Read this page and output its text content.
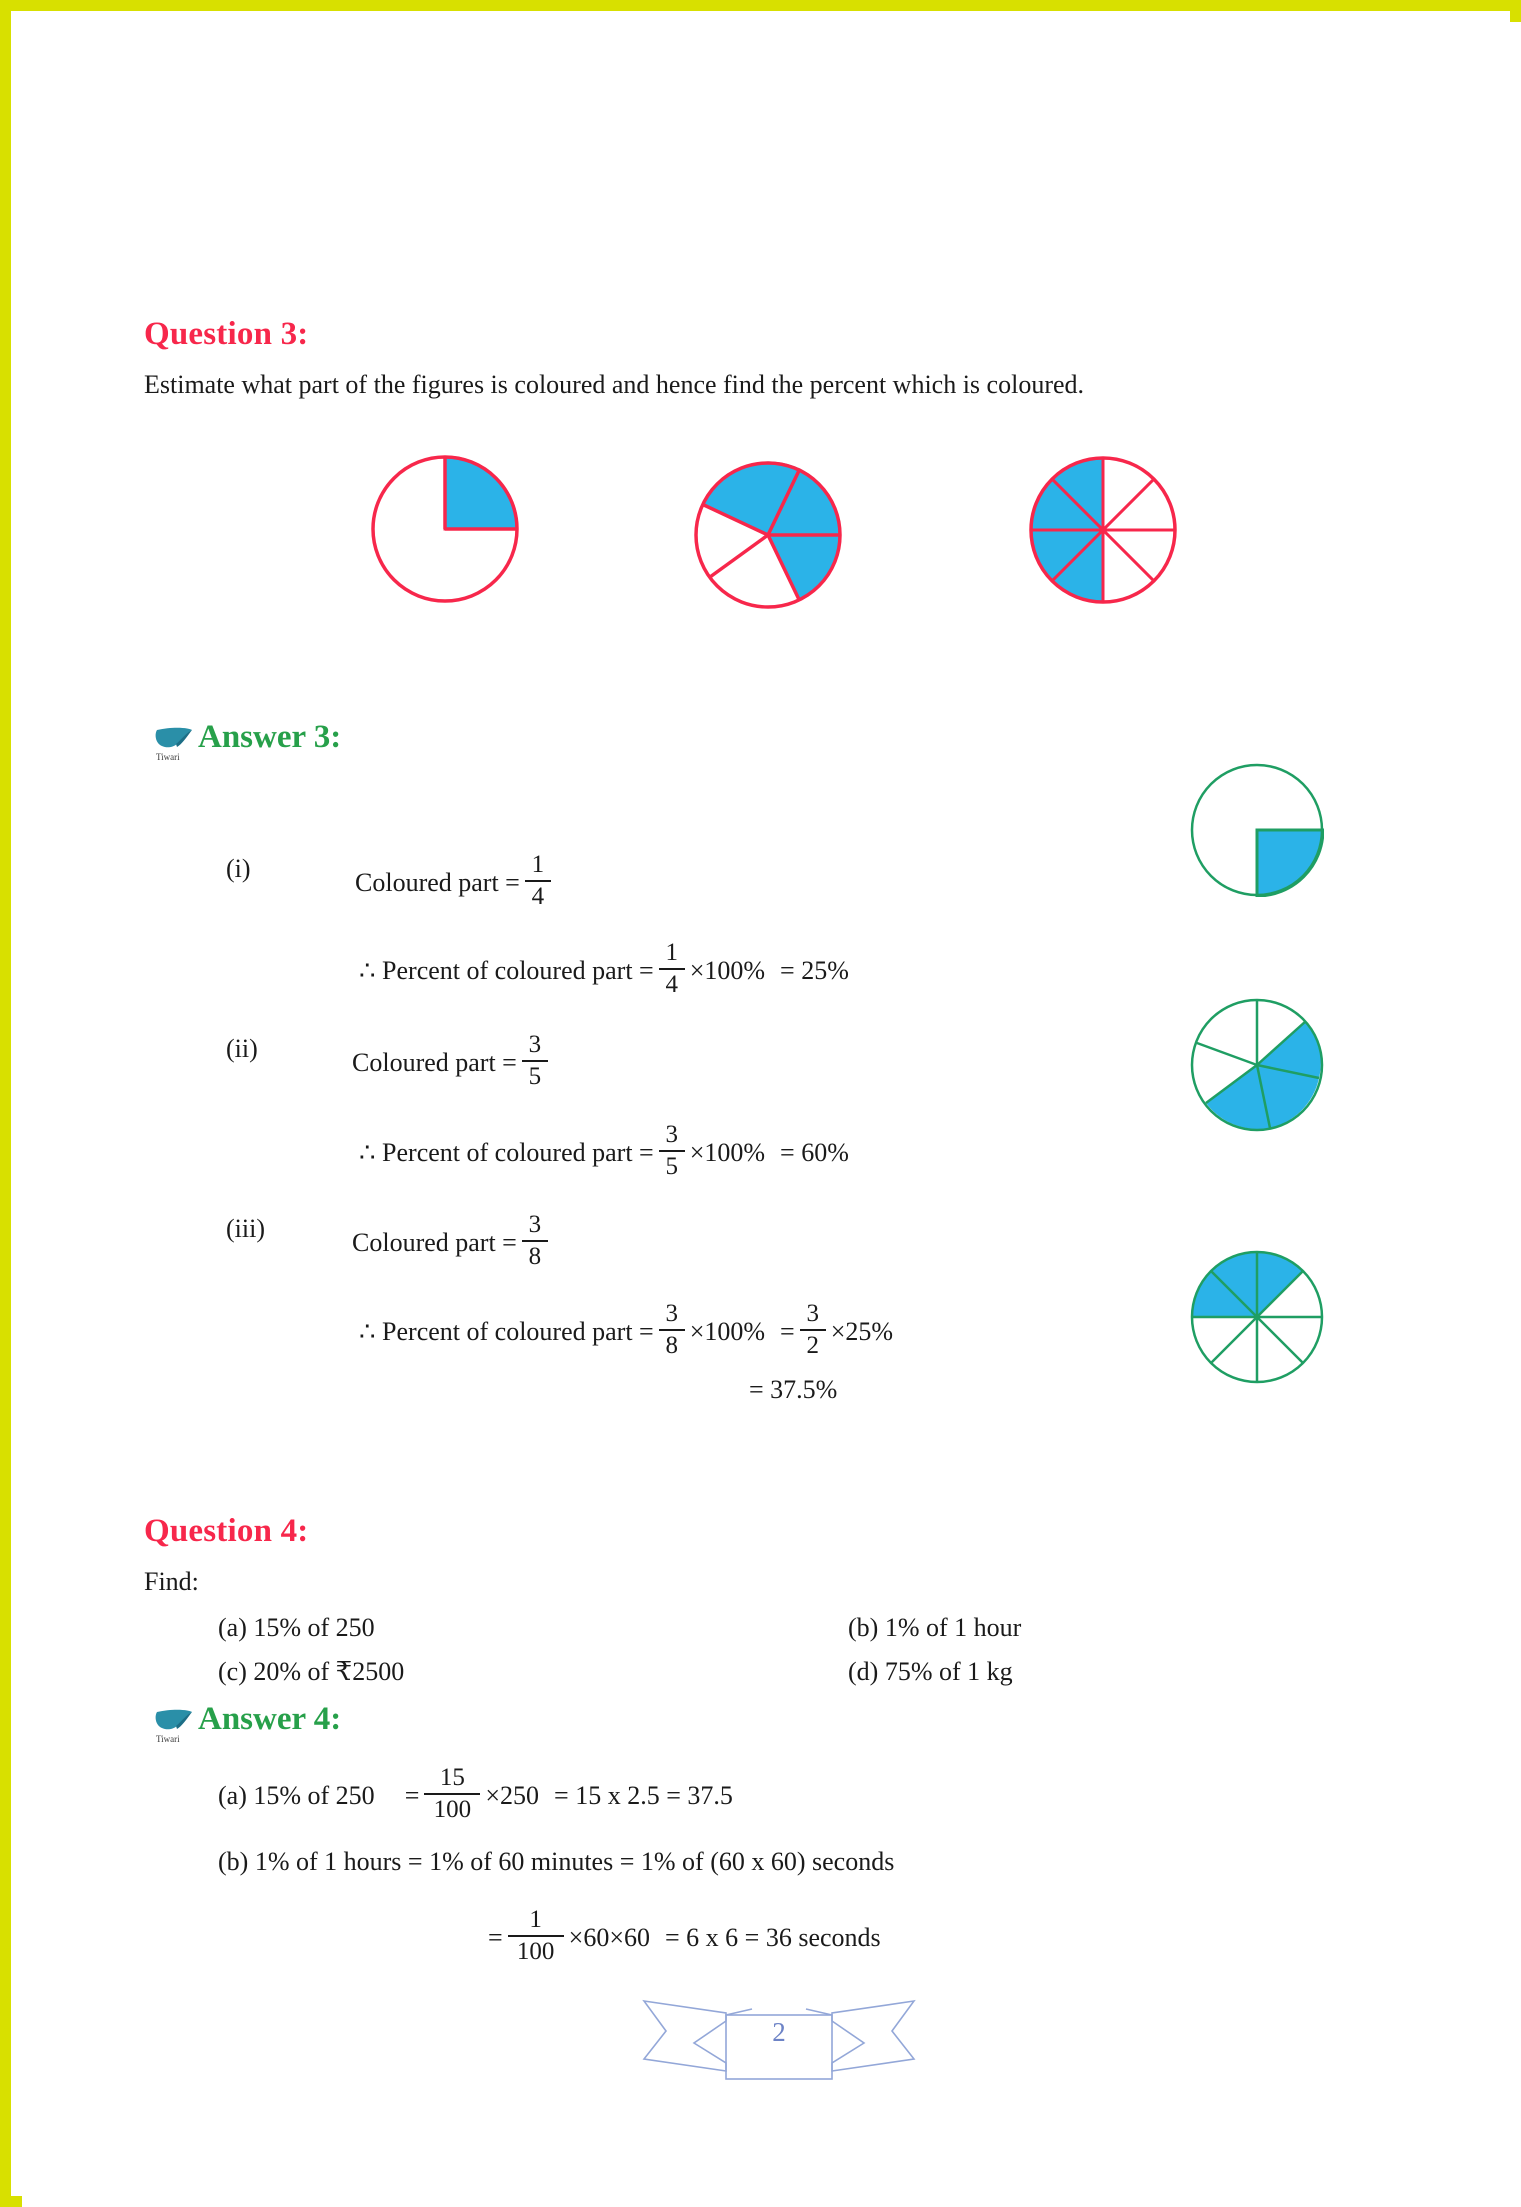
Question 3:
Estimate what part of the figures is coloured and hence find the percent which is coloured.
Tiwari
Answer 3:
(i)	Coloured part = $\frac{1}{4}$
∴ Percent of coloured part = $\frac{1}{4} \times 100\% = 25\%$
(ii)	Coloured part = $\frac{3}{5}$
∴ Percent of coloured part = $\frac{3}{5} \times 100\% = 60\%$
(iii)	Coloured part = $\frac{3}{8}$
∴ Percent of coloured part = $\frac{3}{8} \times 100\% = \frac{3}{2} \times 25\%$
= 37.5%
Question 4:
Find:
(a) 15% of 250	(b) 1% of 1 hour
(c) 20% of ₹2500	(d) 75% of 1 kg
Tiwari
Answer 4:
(a) 15% of $250 = \frac{15}{100} \times 250 = 15$ x 2.5 = 37.5
(b) 1% of 1 hours = 1% of 60 minutes = 1% of (60 x 60) seconds
= $\frac{1}{100} \times 60\times 60 = 6$ x 6 = 36 seconds
2
